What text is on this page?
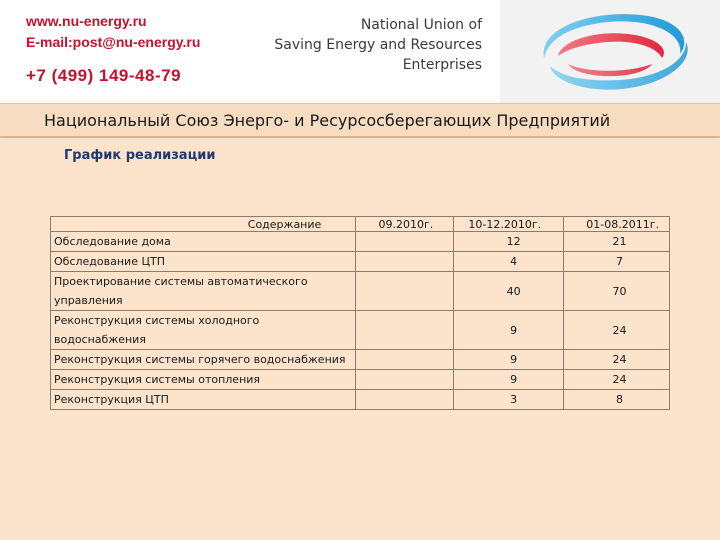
www.nu-energy.ru
E-mail:post@nu-energy.ru
+7 (499) 149-48-79
National Union of
Saving Energy and Resources
Enterprises
Национальный Союз Энерго- и Ресурсосберегающих Предприятий
График реализации
Содержание	09.2010г.	10-12.2010г.	01-08.2011г.
Обследование дома		12	21
Обследование ЦТП		4	7
Проектирование системы автоматического управления		40	70
Реконструкция системы холодного водоснабжения		9	24
Реконструкция системы горячего водоснабжения		9	24
Реконструкция системы отопления		9	24
Реконструкция ЦТП		3	8
